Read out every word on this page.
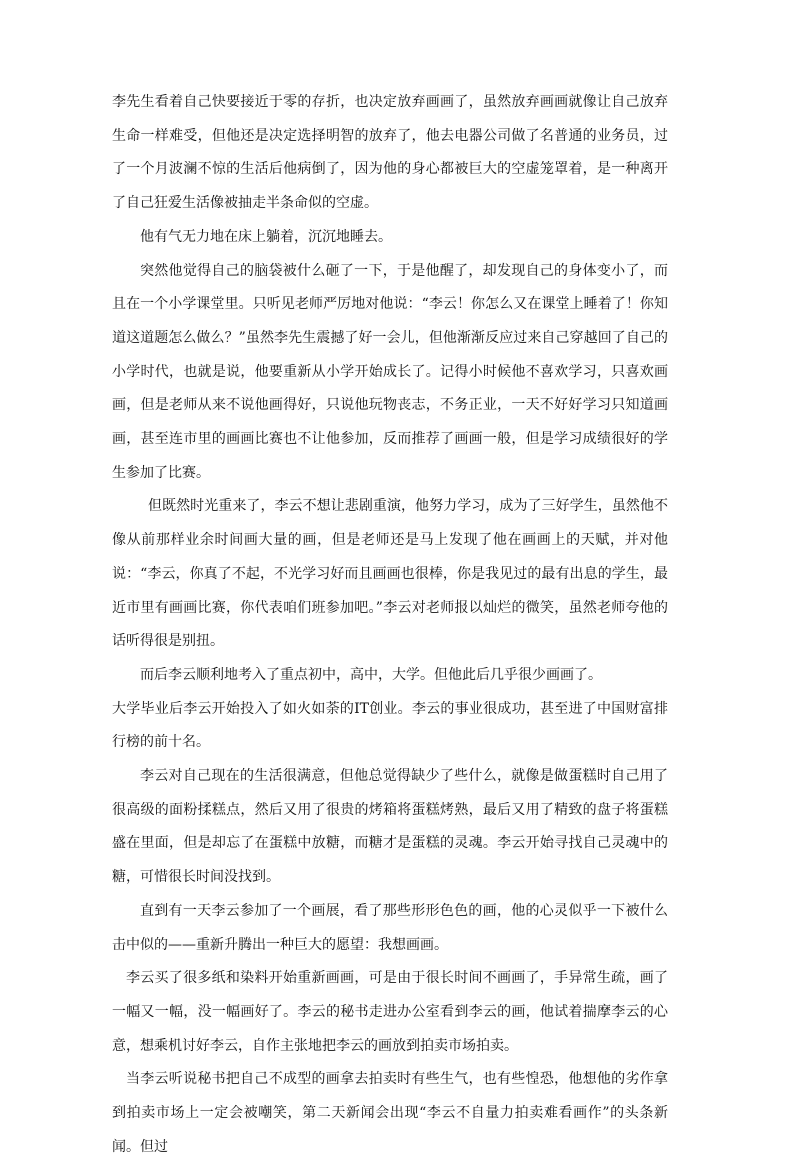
李先生看着自己快要接近于零的存折，也决定放弃画画了，虽然放弃画画就像让自己放弃生命一样难受，但他还是决定选择明智的放弃了，他去电器公司做了名普通的业务员，过了一个月波澜不惊的生活后他病倒了，因为他的身心都被巨大的空虚笼罩着，是一种离开了自己狂爱生活像被抽走半条命似的空虚。

他有气无力地在床上躺着，沉沉地睡去。

突然他觉得自己的脑袋被什么砸了一下，于是他醒了，却发现自己的身体变小了，而且在一个小学课堂里。只听见老师严厉地对他说：“李云！你怎么又在课堂上睡着了！你知道这道题怎么做么？”虽然李先生震撼了好一会儿，但他渐渐反应过来自己穿越回了自己的小学时代，也就是说，他要重新从小学开始成长了。记得小时候他不喜欢学习，只喜欢画画，但是老师从来不说他画得好，只说他玩物丧志，不务正业，一天不好好学习只知道画画，甚至连市里的画画比赛也不让他参加，反而推荐了画画一般，但是学习成绩很好的学生参加了比赛。

但既然时光重来了，李云不想让悲剧重演，他努力学习，成为了三好学生，虽然他不像从前那样业余时间画大量的画，但是老师还是马上发现了他在画画上的天赋，并对他说：“李云，你真了不起，不光学习好而且画画也很棒，你是我见过的最有出息的学生，最近市里有画画比赛，你代表咱们班参加吧。”李云对老师报以灿烂的微笑，虽然老师夸他的话听得很是别扭。

而后李云顺利地考入了重点初中，高中，大学。但他此后几乎很少画画了。

大学毕业后李云开始投入了如火如荼的IT创业。李云的事业很成功，甚至进了中国财富排行榜的前十名。

李云对自己现在的生活很满意，但他总觉得缺少了些什么，就像是做蛋糕时自己用了很高级的面粉揉糕点，然后又用了很贵的烤箱将蛋糕烤熟，最后又用了精致的盘子将蛋糕盛在里面，但是却忘了在蛋糕中放糖，而糖才是蛋糕的灵魂。李云开始寻找自己灵魂中的糖，可惜很长时间没找到。

直到有一天李云参加了一个画展，看了那些形形色色的画，他的心灵似乎一下被什么击中似的——重新升腾出一种巨大的愿望：我想画画。

李云买了很多纸和染料开始重新画画，可是由于很长时间不画画了，手异常生疏，画了一幅又一幅，没一幅画好了。李云的秘书走进办公室看到李云的画，他试着揣摩李云的心意，想乘机讨好李云，自作主张地把李云的画放到拍卖市场拍卖。

当李云听说秘书把自己不成型的画拿去拍卖时有些生气，也有些惶恐，他想他的劣作拿到拍卖市场上一定会被嘲笑，第二天新闻会出现“李云不自量力拍卖难看画作”的头条新闻。但过
